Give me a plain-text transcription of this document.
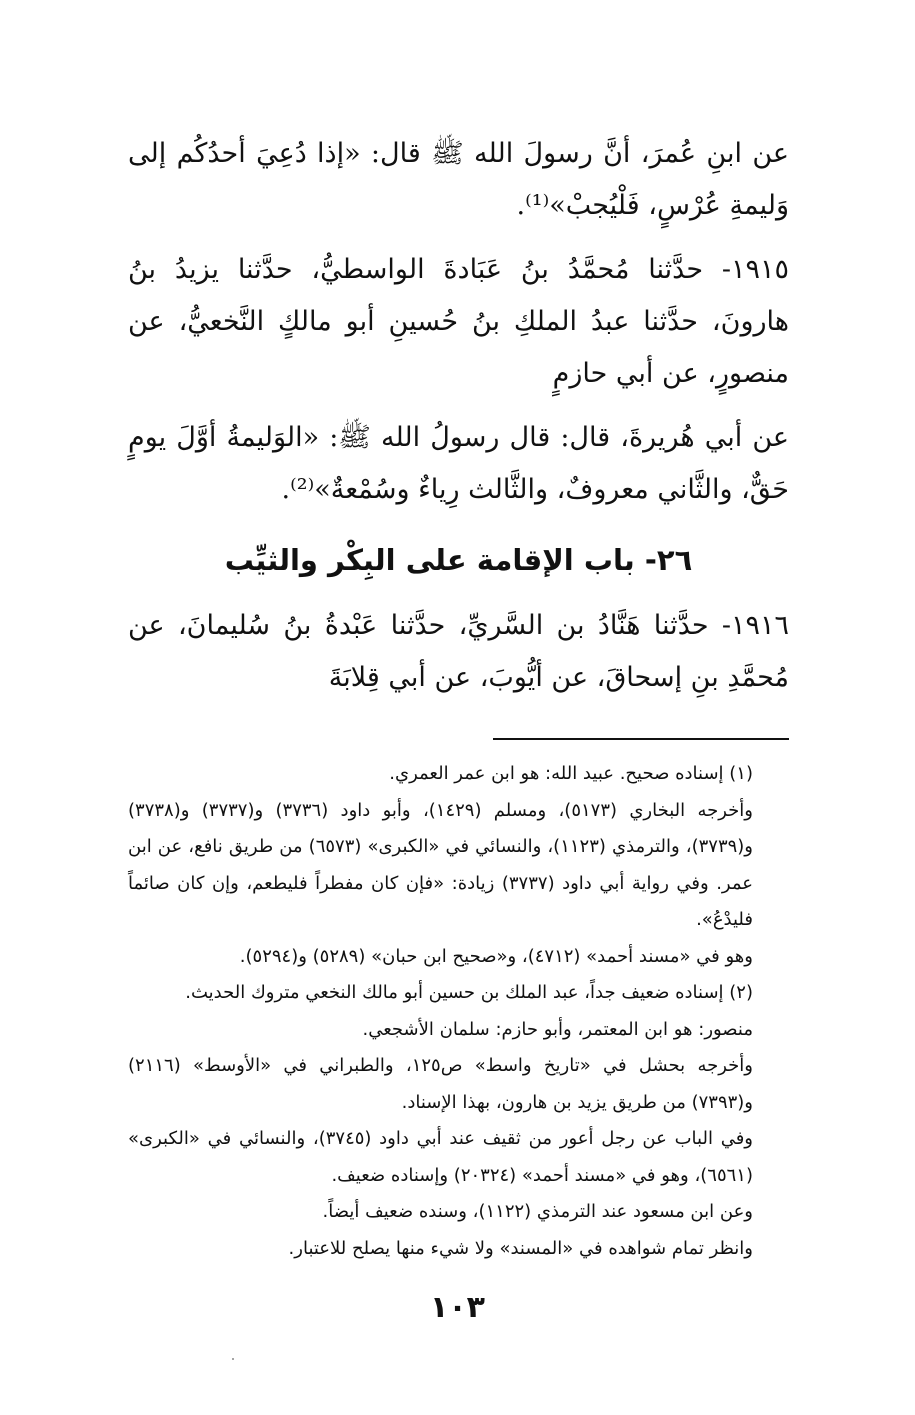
عن ابنِ عُمرَ، أنَّ رسولَ الله ﷺ قال: «إذا دُعِيَ أحدُكُم إلى وَليمةِ عُرْسٍ، فَلْيُجبْ»⁽¹⁾.

١٩١٥- حدَّثنا مُحمَّدُ بنُ عَبَادةَ الواسطيُّ، حدَّثنا يزيدُ بنُ هارونَ، حدَّثنا عبدُ الملكِ بنُ حُسينِ أبو مالكٍ النَّخعيُّ، عن منصورٍ، عن أبي حازمٍ

عن أبي هُريرةَ، قال: قال رسولُ الله ﷺ: «الوَليمةُ أوَّلَ يومٍ حَقٌّ، والثَّاني معروفٌ، والثَّالث رِياءٌ وسُمْعةٌ»⁽²⁾.

٢٦- باب الإقامة على البِكْر والثيِّب

١٩١٦- حدَّثنا هَنَّادُ بن السَّريِّ، حدَّثنا عَبْدةُ بنُ سُليمانَ، عن مُحمَّدِ بنِ إسحاقَ، عن أيُّوبَ، عن أبي قِلابَةَ

(١) إسناده صحيح. عبيد الله: هو ابن عمر العمري.

وأخرجه البخاري (٥١٧٣)، ومسلم (١٤٢٩)، وأبو داود (٣٧٣٦) و(٣٧٣٧) و(٣٧٣٨) و(٣٧٣٩)، والترمذي (١١٢٣)، والنسائي في «الكبرى» (٦٥٧٣) من طريق نافع، عن ابن عمر. وفي رواية أبي داود (٣٧٣٧) زيادة: «فإن كان مفطراً فليطعم، وإن كان صائماً فليدْعُ».

وهو في «مسند أحمد» (٤٧١٢)، و«صحيح ابن حبان» (٥٢٨٩) و(٥٢٩٤).

(٢) إسناده ضعيف جداً، عبد الملك بن حسين أبو مالك النخعي متروك الحديث.

منصور: هو ابن المعتمر، وأبو حازم: سلمان الأشجعي.

وأخرجه بحشل في «تاريخ واسط» ص١٢٥، والطبراني في «الأوسط» (٢١١٦) و(٧٣٩٣) من طريق يزيد بن هارون، بهذا الإسناد.

وفي الباب عن رجل أعور من ثقيف عند أبي داود (٣٧٤٥)، والنسائي في «الكبرى» (٦٥٦١)، وهو في «مسند أحمد» (٢٠٣٢٤) وإسناده ضعيف.

وعن ابن مسعود عند الترمذي (١١٢٢)، وسنده ضعيف أيضاً.

وانظر تمام شواهده في «المسند» ولا شيء منها يصلح للاعتبار.

١٠٣
